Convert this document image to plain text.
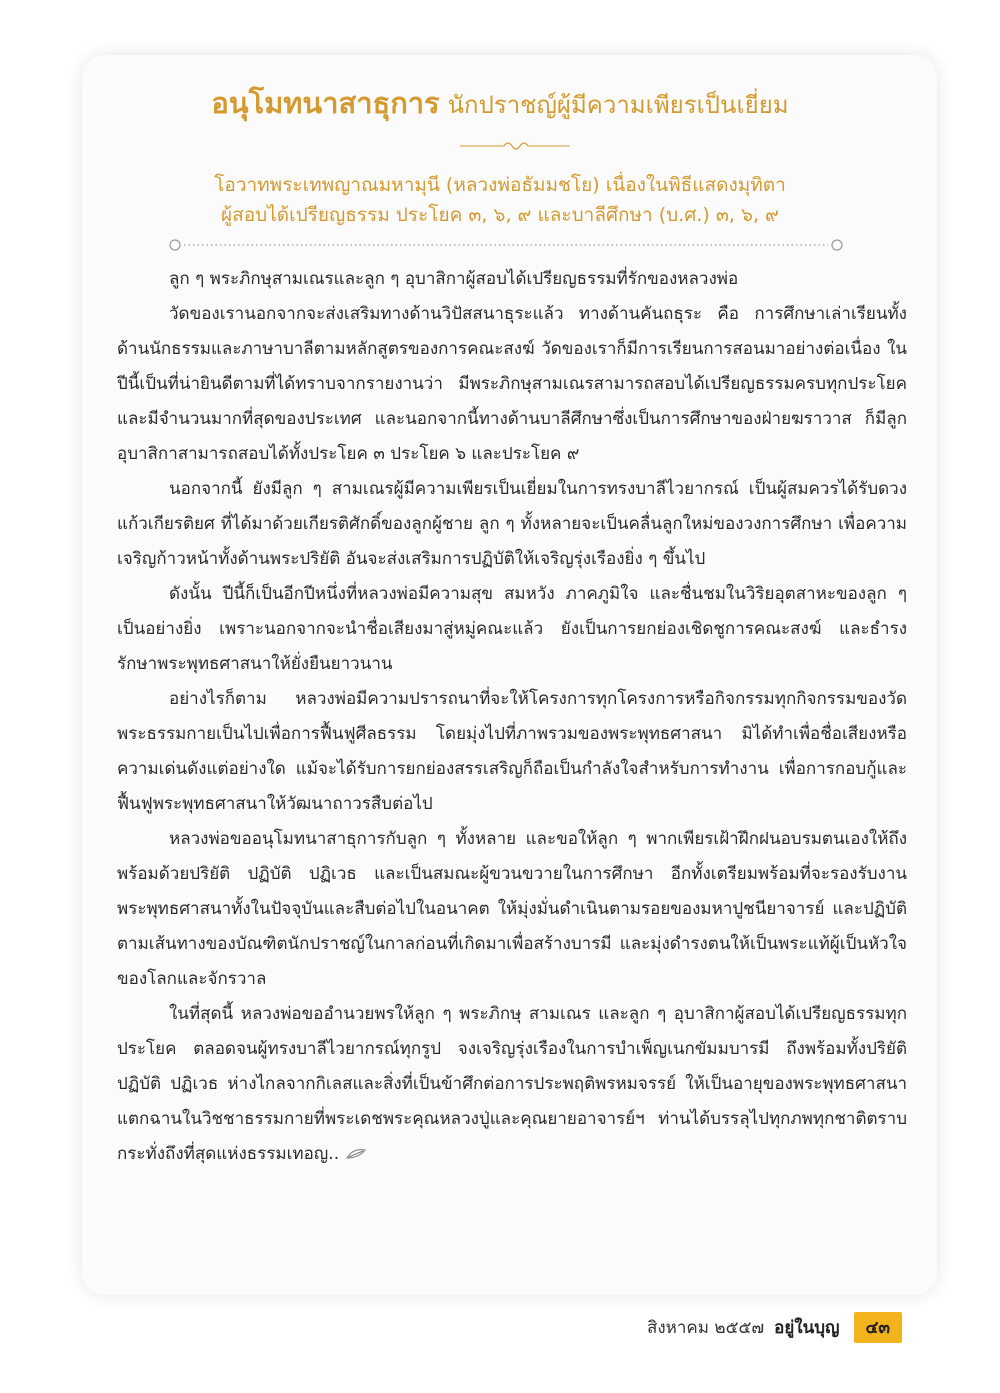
อนุโมทนาสาธุการ นักปราชญ์ผู้มีความเพียรเป็นเยี่ยม
โอวาทพระเทพญาณมหามุนี (หลวงพ่อธัมมชโย) เนื่องในพิธีแสดงมุทิตา
ผู้สอบได้เปรียญธรรม ประโยค ๓, ๖, ๙ และบาลีศึกษา (บ.ศ.) ๓, ๖, ๙

ลูก ๆ พระภิกษุสามเณรและลูก ๆ อุบาสิกาผู้สอบได้เปรียญธรรมที่รักของหลวงพ่อ

วัดของเรานอกจากจะส่งเสริมทางด้านวิปัสสนาธุระแล้ว ทางด้านคันถธุระ คือ การศึกษาเล่าเรียนทั้งด้านนักธรรมและภาษาบาลีตามหลักสูตรของการคณะสงฆ์ วัดของเราก็มีการเรียนการสอนมาอย่างต่อเนื่อง ในปีนี้เป็นที่น่ายินดีตามที่ได้ทราบจากรายงานว่า มีพระภิกษุสามเณรสามารถสอบได้เปรียญธรรมครบทุกประโยค และมีจำนวนมากที่สุดของประเทศ และนอกจากนี้ทางด้านบาลีศึกษาซึ่งเป็นการศึกษาของฝ่ายฆราวาส ก็มีลูกอุบาสิกาสามารถสอบได้ทั้งประโยค ๓ ประโยค ๖ และประโยค ๙

นอกจากนี้ ยังมีลูก ๆ สามเณรผู้มีความเพียรเป็นเยี่ยมในการทรงบาลีไวยากรณ์ เป็นผู้สมควรได้รับดวงแก้วเกียรติยศ ที่ได้มาด้วยเกียรติศักดิ์ของลูกผู้ชาย ลูก ๆ ทั้งหลายจะเป็นคลื่นลูกใหม่ของวงการศึกษา เพื่อความเจริญก้าวหน้าทั้งด้านพระปริยัติ อันจะส่งเสริมการปฏิบัติให้เจริญรุ่งเรืองยิ่ง ๆ ขึ้นไป

ดังนั้น ปีนี้ก็เป็นอีกปีหนึ่งที่หลวงพ่อมีความสุข สมหวัง ภาคภูมิใจ และชื่นชมในวิริยอุตสาหะของลูก ๆ เป็นอย่างยิ่ง เพราะนอกจากจะนำชื่อเสียงมาสู่หมู่คณะแล้ว ยังเป็นการยกย่องเชิดชูการคณะสงฆ์ และธำรงรักษาพระพุทธศาสนาให้ยั่งยืนยาวนาน

อย่างไรก็ตาม หลวงพ่อมีความปรารถนาที่จะให้โครงการทุกโครงการหรือกิจกรรมทุกกิจกรรมของวัดพระธรรมกายเป็นไปเพื่อการฟื้นฟูศีลธรรม โดยมุ่งไปที่ภาพรวมของพระพุทธศาสนา มิได้ทำเพื่อชื่อเสียงหรือความเด่นดังแต่อย่างใด แม้จะได้รับการยกย่องสรรเสริญก็ถือเป็นกำลังใจสำหรับการทำงาน เพื่อการกอบกู้และฟื้นฟูพระพุทธศาสนาให้วัฒนาถาวรสืบต่อไป

หลวงพ่อขออนุโมทนาสาธุการกับลูก ๆ ทั้งหลาย และขอให้ลูก ๆ พากเพียรเฝ้าฝึกฝนอบรมตนเองให้ถึงพร้อมด้วยปริยัติ ปฏิบัติ ปฏิเวธ และเป็นสมณะผู้ขวนขวายในการศึกษา อีกทั้งเตรียมพร้อมที่จะรองรับงานพระพุทธศาสนาทั้งในปัจจุบันและสืบต่อไปในอนาคต ให้มุ่งมั่นดำเนินตามรอยของมหาปูชนียาจารย์ และปฏิบัติตามเส้นทางของบัณฑิตนักปราชญ์ในกาลก่อนที่เกิดมาเพื่อสร้างบารมี และมุ่งดำรงตนให้เป็นพระแท้ผู้เป็นหัวใจของโลกและจักรวาล

ในที่สุดนี้ หลวงพ่อขออำนวยพรให้ลูก ๆ พระภิกษุ สามเณร และลูก ๆ อุบาสิกาผู้สอบได้เปรียญธรรมทุกประโยค ตลอดจนผู้ทรงบาลีไวยากรณ์ทุกรูป จงเจริญรุ่งเรืองในการบำเพ็ญเนกขัมมบารมี ถึงพร้อมทั้งปริยัติ ปฏิบัติ ปฏิเวธ ห่างไกลจากกิเลสและสิ่งที่เป็นข้าศึกต่อการประพฤติพรหมจรรย์ ให้เป็นอายุของพระพุทธศาสนา แตกฉานในวิชชาธรรมกายที่พระเดชพระคุณหลวงปู่และคุณยายอาจารย์ฯ ท่านได้บรรลุไปทุกภพทุกชาติตราบกระทั่งถึงที่สุดแห่งธรรมเทอญ..

สิงหาคม ๒๕๕๗ อยู่ในบุญ	๔๓
